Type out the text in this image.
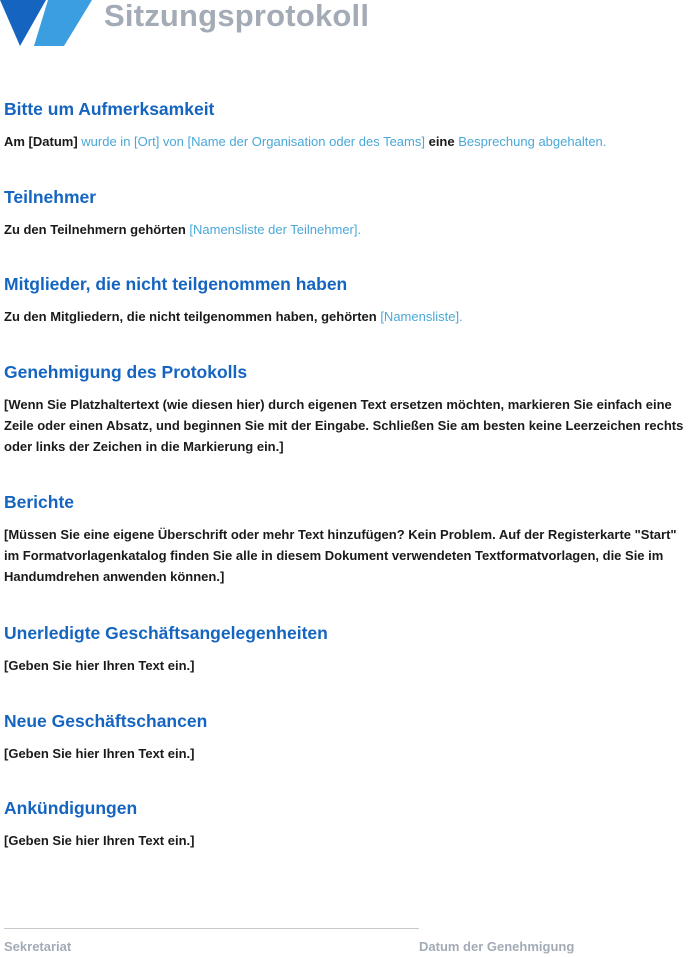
Sitzungsprotokoll
Bitte um Aufmerksamkeit

Am [Datum] wurde in [Ort] von [Name der Organisation oder des Teams] eine Besprechung abgehalten.

Teilnehmer

Zu den Teilnehmern gehörten [Namensliste der Teilnehmer].

Mitglieder, die nicht teilgenommen haben

Zu den Mitgliedern, die nicht teilgenommen haben, gehörten [Namensliste].

Genehmigung des Protokolls

[Wenn Sie Platzhaltertext (wie diesen hier) durch eigenen Text ersetzen möchten, markieren Sie einfach eine Zeile oder einen Absatz, und beginnen Sie mit der Eingabe. Schließen Sie am besten keine Leerzeichen rechts oder links der Zeichen in die Markierung ein.]

Berichte

[Müssen Sie eine eigene Überschrift oder mehr Text hinzufügen? Kein Problem. Auf der Registerkarte "Start" im Formatvorlagenkatalog finden Sie alle in diesem Dokument verwendeten Textformatvorlagen, die Sie im Handumdrehen anwenden können.]

Unerledigte Geschäftsangelegenheiten

[Geben Sie hier Ihren Text ein.]

Neue Geschäftschancen

[Geben Sie hier Ihren Text ein.]

Ankündigungen

[Geben Sie hier Ihren Text ein.]

Sekretariat	Datum der Genehmigung
